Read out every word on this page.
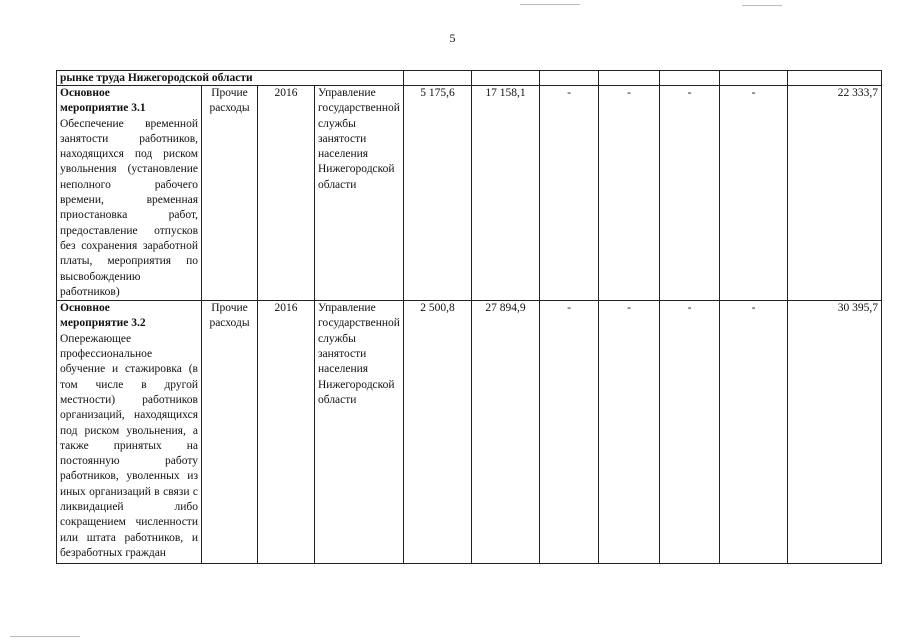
5
рынке труда Нижегородской области										

Основное
мероприятие 3.1
Обеспечение временной занятости работников, находящихся под риском увольнения (установление неполного рабочего времени, временная приостановка работ, предоставление отпусков без сохранения заработной платы, мероприятия по высвобождению работников)	Прочие расходы	2016	Управление государственной службы занятости населения Нижегородской области	5 175,6	17 158,1	-	-	-	-	22 333,7

Основное
мероприятие 3.2
Опережающее профессиональное обучение и стажировка (в том числе в другой местности) работников организаций, находящихся под риском увольнения, а также принятых на постоянную работу работников, уволенных из иных организаций в связи с ликвидацией либо сокращением численности или штата работников, и безработных граждан	Прочие расходы	2016	Управление государственной службы занятости населения Нижегородской области	2 500,8	27 894,9	-	-	-	-	30 395,7
